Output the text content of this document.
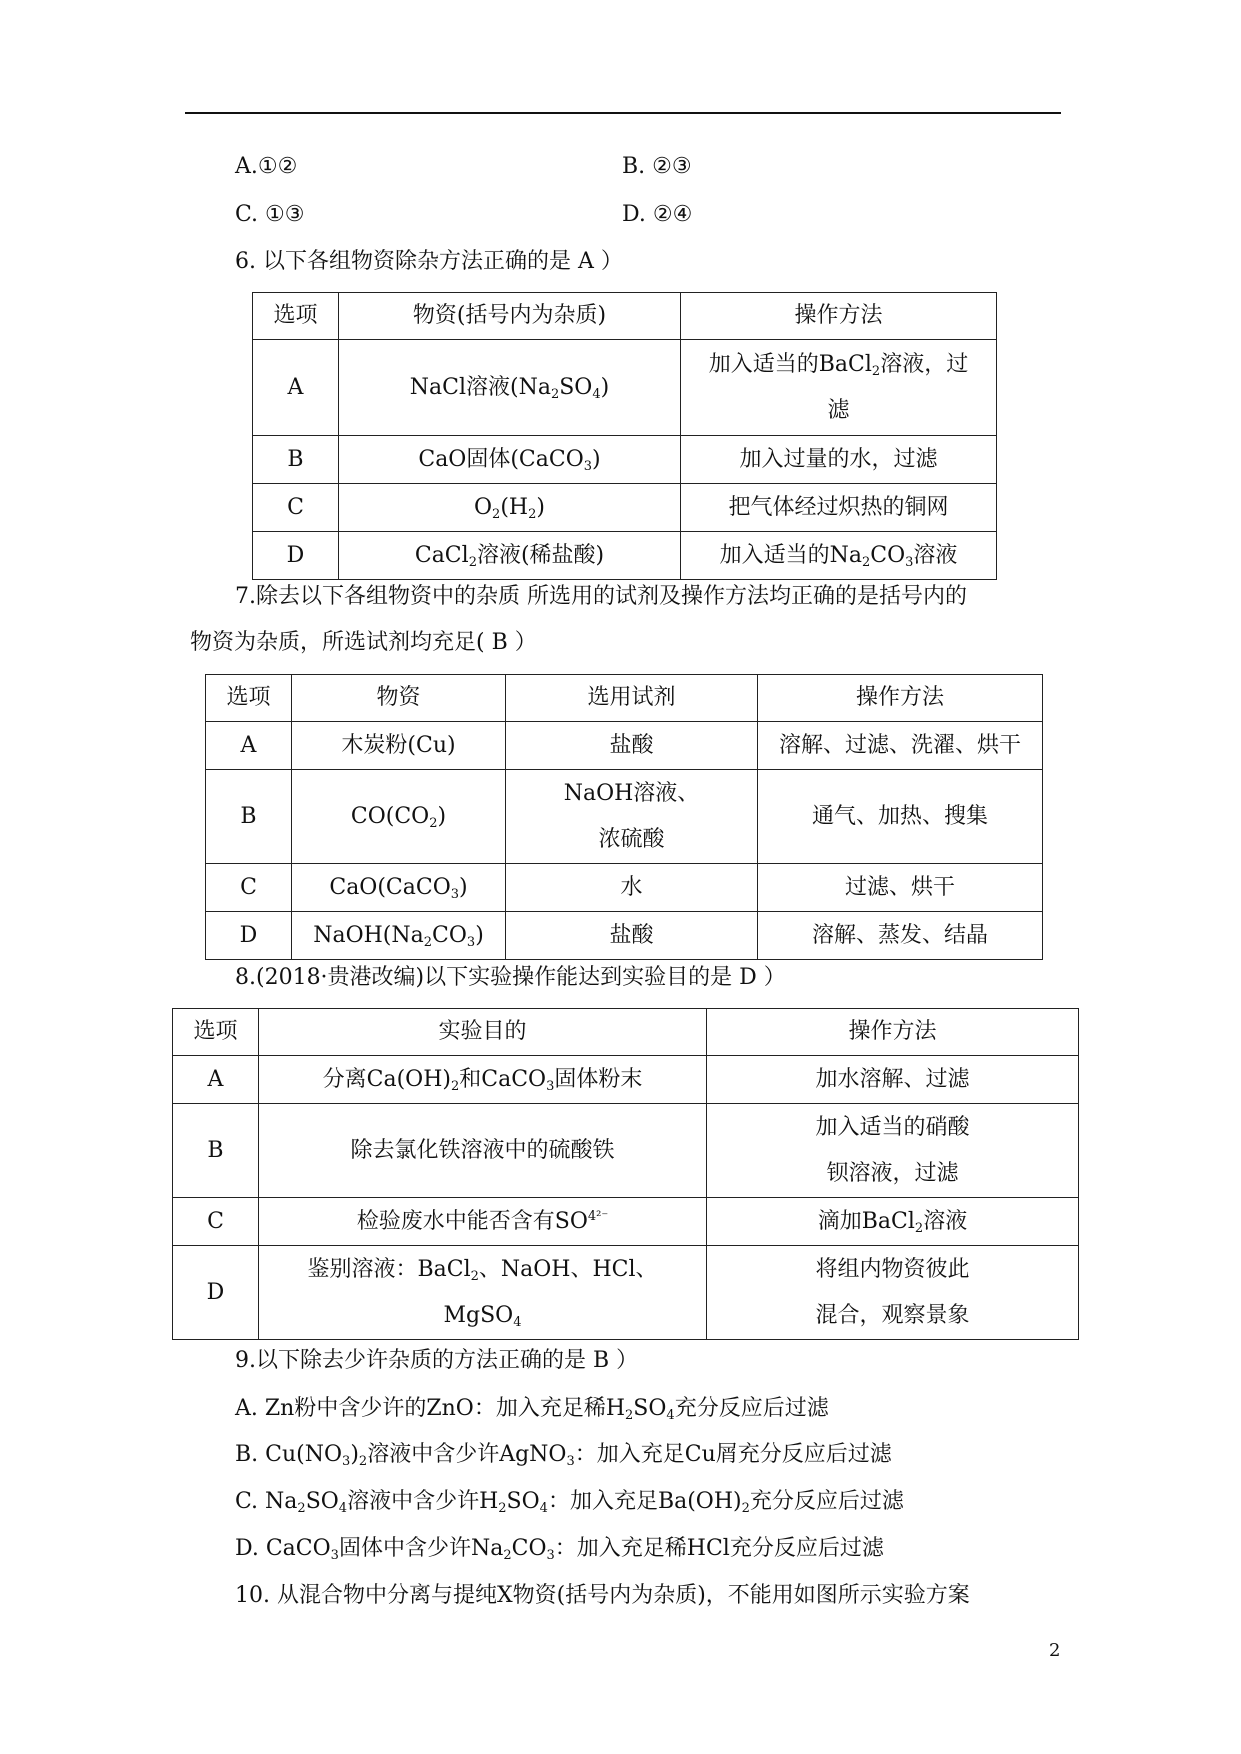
A.①②	B. ②③
C. ①③	D. ②④
6. 以下各组物资除杂方法正确的是 A ）
选项	物资(括号内为杂质)	操作方法
A	NaCl溶液$(Na_2SO_4)$	加入适当的BaCl$_2$溶液，过
滤
B	CaO固体(CaCO$_3$)	加入过量的水，过滤
C	$O_2(H_2)$	把气体经过炽热的铜网
D	CaCl$_2$溶液(稀盐酸)	加入适当的$Na_2CO_3$溶液
7.除去以下各组物资中的杂质 所选用的试剂及操作方法均正确的是括号内的
物资为杂质，所选试剂均充足( B ）
选项	物资	选用试剂	操作方法
A	木炭粉(Cu)	盐酸	溶解、过滤、洗濯、烘干
B	$CO(CO_2)$	NaOH溶液、
浓硫酸	通气、加热、搜集
C	CaO(CaCO$_3$)	水	过滤、烘干
D	$NaOH(Na_2CO_3)$	盐酸	溶解、蒸发、结晶
8.(2018·贵港改编)以下实验操作能达到实验目的是 D ）
选项	实验目的	操作方法
A	分离$Ca(OH)_2$和CaCO$_3$固体粉末	加水溶解、过滤
B	除去氯化铁溶液中的硫酸铁	加入适当的硝酸
钡溶液，过滤
C	检验废水中能否含有$SO^{4^{2-}}$	滴加BaCl$_2$溶液
D	鉴别溶液：BaCl$_2$、NaOH、HCl、
MgSO$_4$	将组内物资彼此
混合，观察景象
9.以下除去少许杂质的方法正确的是 B ）
A. Zn粉中含少许的ZnO：加入充足稀$H_2SO_4$充分反应后过滤
B. $Cu(NO_3)_2$溶液中含少许AgNO$_3$：加入充足Cu屑充分反应后过滤
C. $Na_2SO_4$溶液中含少许$H_2SO_4$：加入充足$Ba(OH)_2$充分反应后过滤
D. CaCO$_3$固体中含少许$Na_2CO_3$：加入充足稀HCl充分反应后过滤
10. 从混合物中分离与提纯X物资(括号内为杂质)，不能用如图所示实验方案
2
